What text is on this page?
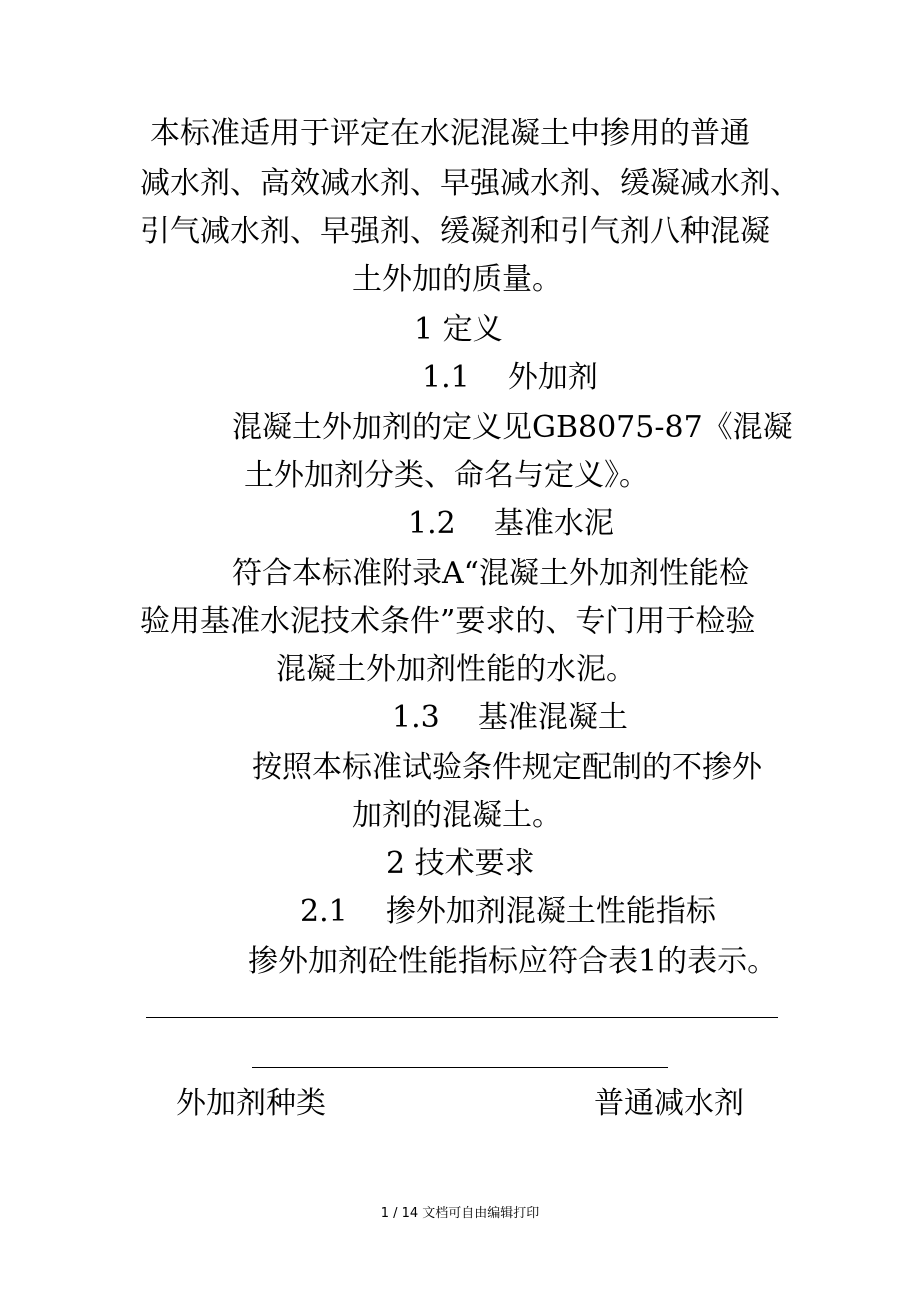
本标准适用于评定在水泥混凝土中掺用的普通
减水剂、高效减水剂、早强减水剂、缓凝减水剂、
引气减水剂、早强剂、缓凝剂和引气剂八种混凝
土外加的质量。
1 定义
1.1    外加剂
混凝土外加剂的定义见GB8075-87《混凝
土外加剂分类、命名与定义》。
1.2    基准水泥
符合本标准附录A“混凝土外加剂性能检
验用基准水泥技术条件”要求的、专门用于检验
混凝土外加剂性能的水泥。
1.3    基准混凝土
按照本标准试验条件规定配制的不掺外
加剂的混凝土。
2 技术要求
2.1    掺外加剂混凝土性能指标
掺外加剂砼性能指标应符合表1的表示。
外加剂种类	普通减水剂
1 / 14 文档可自由编辑打印
